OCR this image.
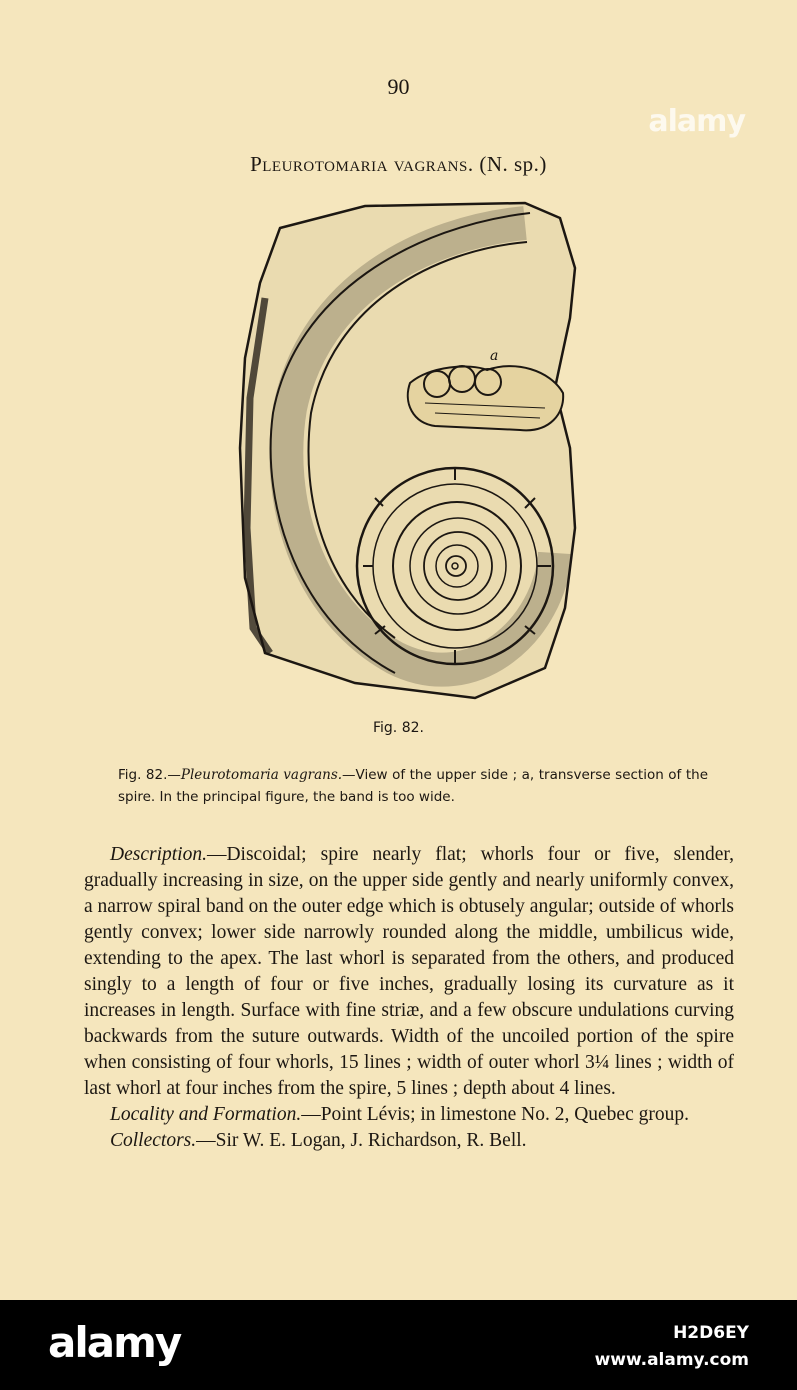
90
Pleurotomaria vagrans. (N. sp.)
a
Fig. 82.
Fig. 82.—Pleurotomaria vagrans.—View of the upper side ; a, transverse section of the spire. In the principal figure, the band is too wide.

Description.—Discoidal; spire nearly flat; whorls four or five, slender, gradually increasing in size, on the upper side gently and nearly uniformly convex, a narrow spiral band on the outer edge which is obtusely angular; outside of whorls gently convex; lower side narrowly rounded along the middle, umbilicus wide, extending to the apex. The last whorl is separated from the others, and produced singly to a length of four or five inches, gradually losing its curvature as it increases in length. Surface with fine striæ, and a few obscure undulations curving backwards from the suture outwards. Width of the uncoiled portion of the spire when consisting of four whorls, 15 lines ; width of outer whorl 3¼ lines ; width of last whorl at four inches from the spire, 5 lines ; depth about 4 lines.

Locality and Formation.—Point Lévis; in limestone No. 2, Quebec group.

Collectors.—Sir W. E. Logan, J. Richardson, R. Bell.

alamy
alamy	H2D6EY
www.alamy.com
